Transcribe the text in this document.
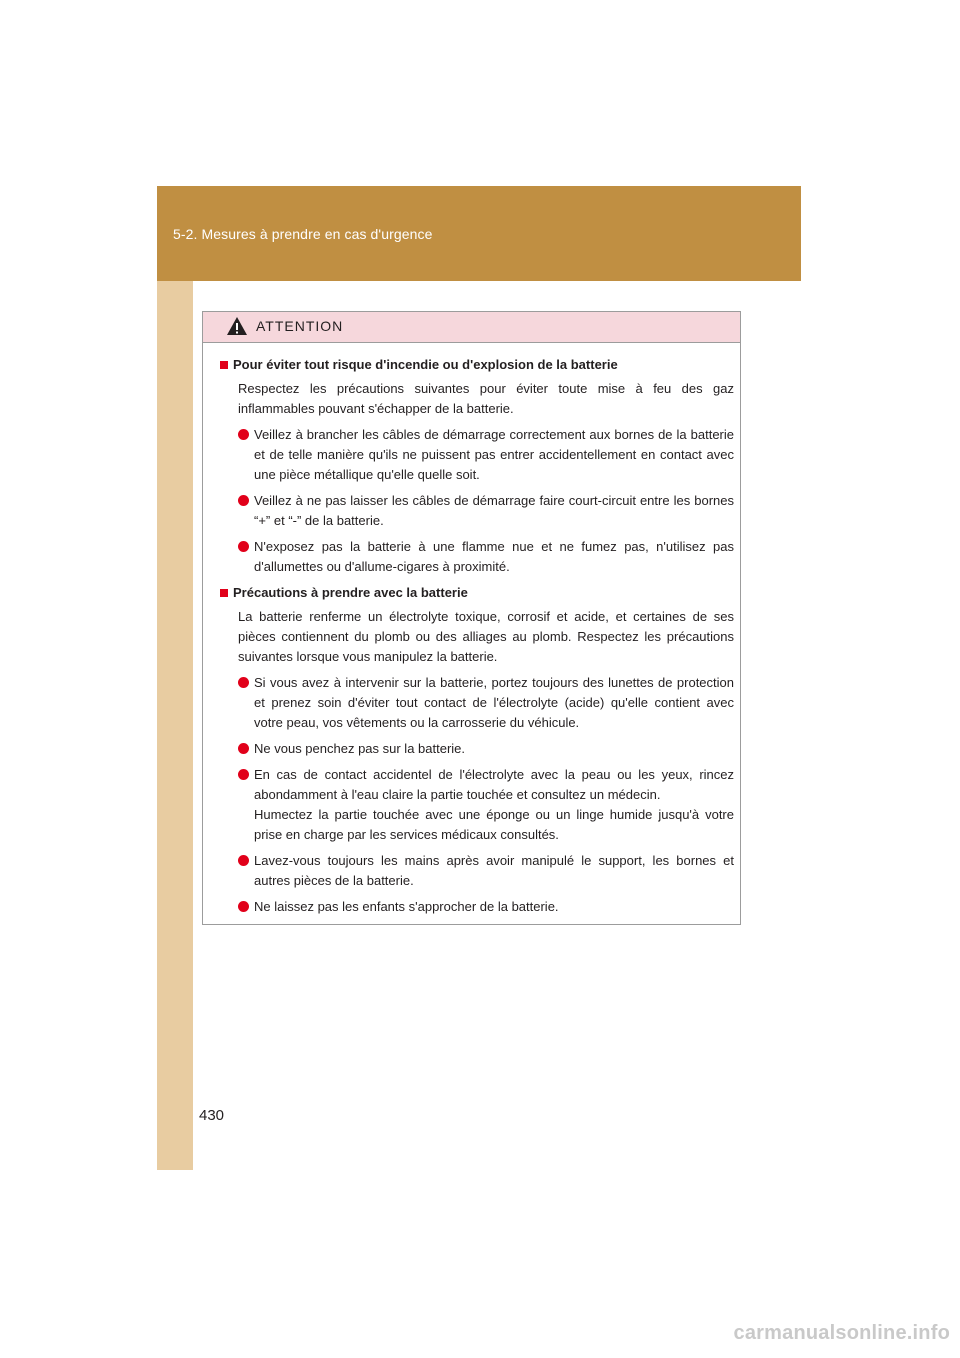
5-2. Mesures à prendre en cas d'urgence
ATTENTION
Pour éviter tout risque d'incendie ou d'explosion de la batterie
Respectez les précautions suivantes pour éviter toute mise à feu des gaz inflammables pouvant s'échapper de la batterie.
Veillez à brancher les câbles de démarrage correctement aux bornes de la batterie et de telle manière qu'ils ne puissent pas entrer accidentellement en contact avec une pièce métallique qu'elle quelle soit.
Veillez à ne pas laisser les câbles de démarrage faire court-circuit entre les bornes “+” et “-” de la batterie.
N'exposez pas la batterie à une flamme nue et ne fumez pas, n'utilisez pas d'allumettes ou d'allume-cigares à proximité.
Précautions à prendre avec la batterie
La batterie renferme un électrolyte toxique, corrosif et acide, et certaines de ses pièces contiennent du plomb ou des alliages au plomb. Respectez les précautions suivantes lorsque vous manipulez la batterie.
Si vous avez à intervenir sur la batterie, portez toujours des lunettes de protection et prenez soin d'éviter tout contact de l'électrolyte (acide) qu'elle contient avec votre peau, vos vêtements ou la carrosserie du véhicule.
Ne vous penchez pas sur la batterie.
En cas de contact accidentel de l'électrolyte avec la peau ou les yeux, rincez abondamment à l'eau claire la partie touchée et consultez un médecin.
Humectez la partie touchée avec une éponge ou un linge humide jusqu'à votre prise en charge par les services médicaux consultés.
Lavez-vous toujours les mains après avoir manipulé le support, les bornes et autres pièces de la batterie.
Ne laissez pas les enfants s'approcher de la batterie.
430
carmanualsonline.info
